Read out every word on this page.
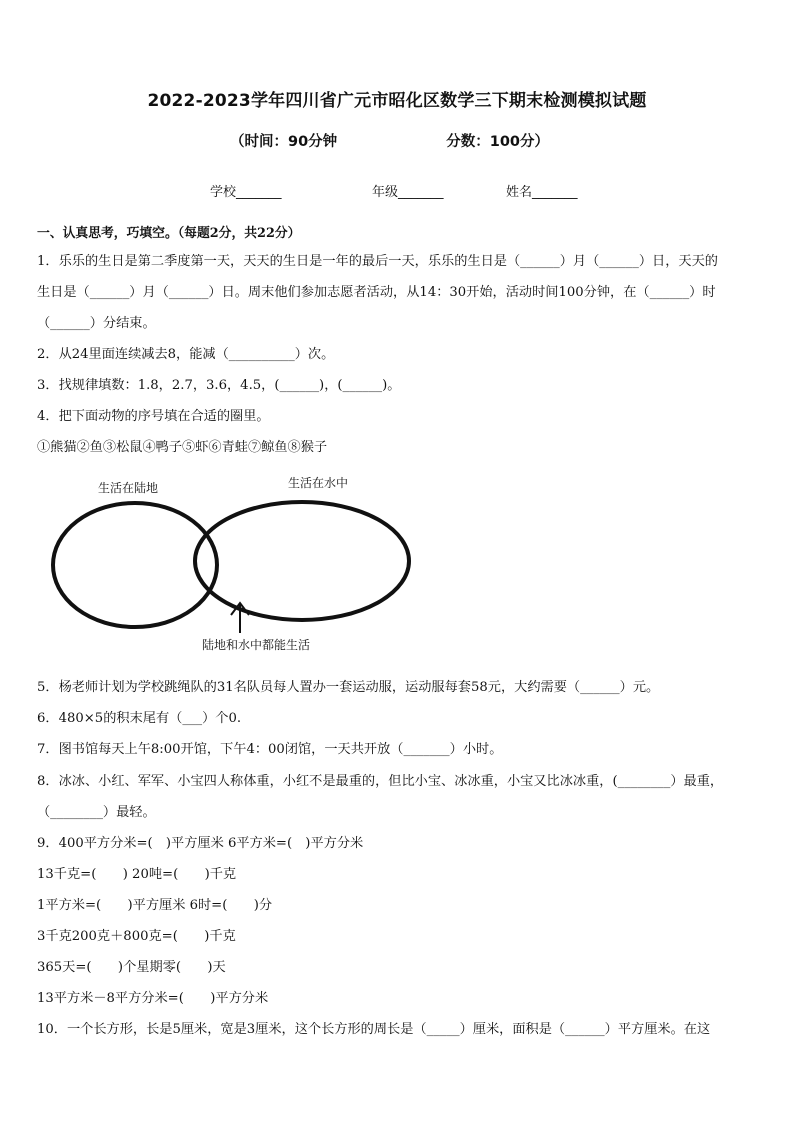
2022-2023学年四川省广元市昭化区数学三下期末检测模拟试题
（时间：90分钟	分数：100分）
学校_______	年级_______	姓名_______
一、认真思考，巧填空。（每题2分，共22分）
1．乐乐的生日是第二季度第一天，天天的生日是一年的最后一天，乐乐的生日是（______）月（______）日，天天的
生日是（______）月（______）日。周末他们参加志愿者活动，从14：30开始，活动时间100分钟，在（______）时
（______）分结束。
2．从24里面连续减去8，能减（__________）次。
3．找规律填数：1.8，2.7，3.6，4.5，(______)，(______)。
4．把下面动物的序号填在合适的圈里。
①熊猫②鱼③松鼠④鸭子⑤虾⑥青蛙⑦鲸鱼⑧猴子
生活在陆地	生活在水中
陆地和水中都能生活
5．杨老师计划为学校跳绳队的31名队员每人置办一套运动服，运动服每套58元，大约需要（______）元。
6．480×5的积末尾有（___）个0.
7．图书馆每天上午8:00开馆，下午4：00闭馆，一天共开放（_______）小时。
8．冰冰、小红、军军、小宝四人称体重，小红不是最重的，但比小宝、冰冰重，小宝又比冰冰重，(________）最重，
（________）最轻。
9．400平方分米=(　)平方厘米 6平方米=(　)平方分米
13千克=(　　) 20吨=(　　)千克
1平方米=(　　)平方厘米 6时=(　　)分
3千克200克＋800克=(　　)千克
365天=(　　)个星期零(　　)天
13平方米－8平方分米=(　　)平方分米
10．一个长方形，长是5厘米，宽是3厘米，这个长方形的周长是（_____）厘米，面积是（______）平方厘米。在这
